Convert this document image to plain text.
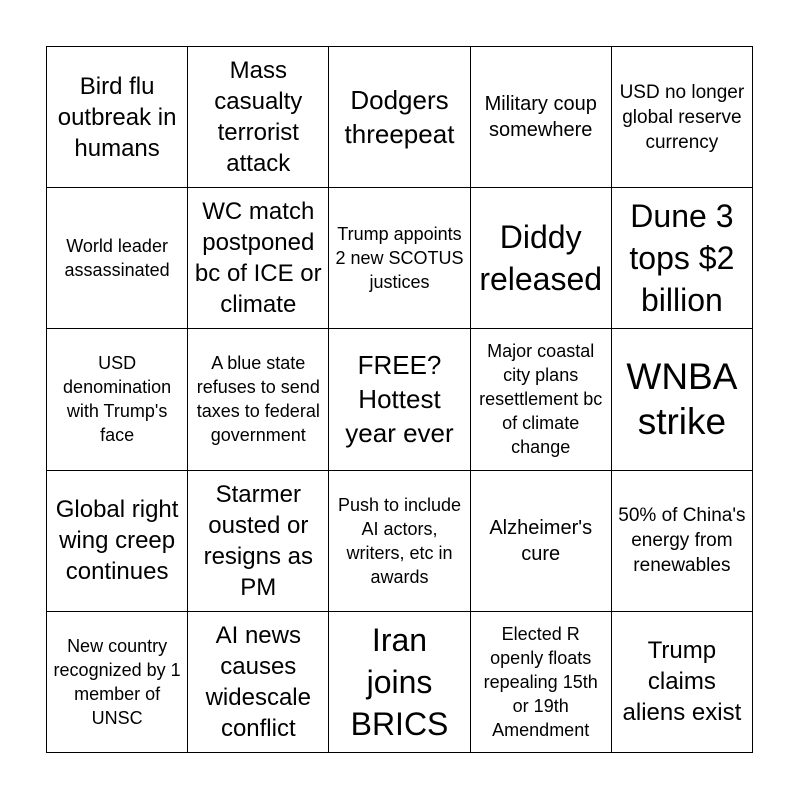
Bird flu outbreak in humans
Mass casualty terrorist attack
Dodgers threepeat
Military coup somewhere
USD no longer global reserve currency
World leader assassinated
WC match postponed bc of ICE or climate
Trump appoints 2 new SCOTUS justices
Diddy released
Dune 3 tops $2 billion
USD denomination with Trump's face
A blue state refuses to send taxes to federal government
FREE? Hottest year ever
Major coastal city plans resettlement bc of climate change
WNBA strike
Global right wing creep continues
Starmer ousted or resigns as PM
Push to include AI actors, writers, etc in awards
Alzheimer's cure
50% of China's energy from renewables
New country recognized by 1 member of UNSC
AI news causes widescale conflict
Iran joins BRICS
Elected R openly floats repealing 15th or 19th Amendment
Trump claims aliens exist
